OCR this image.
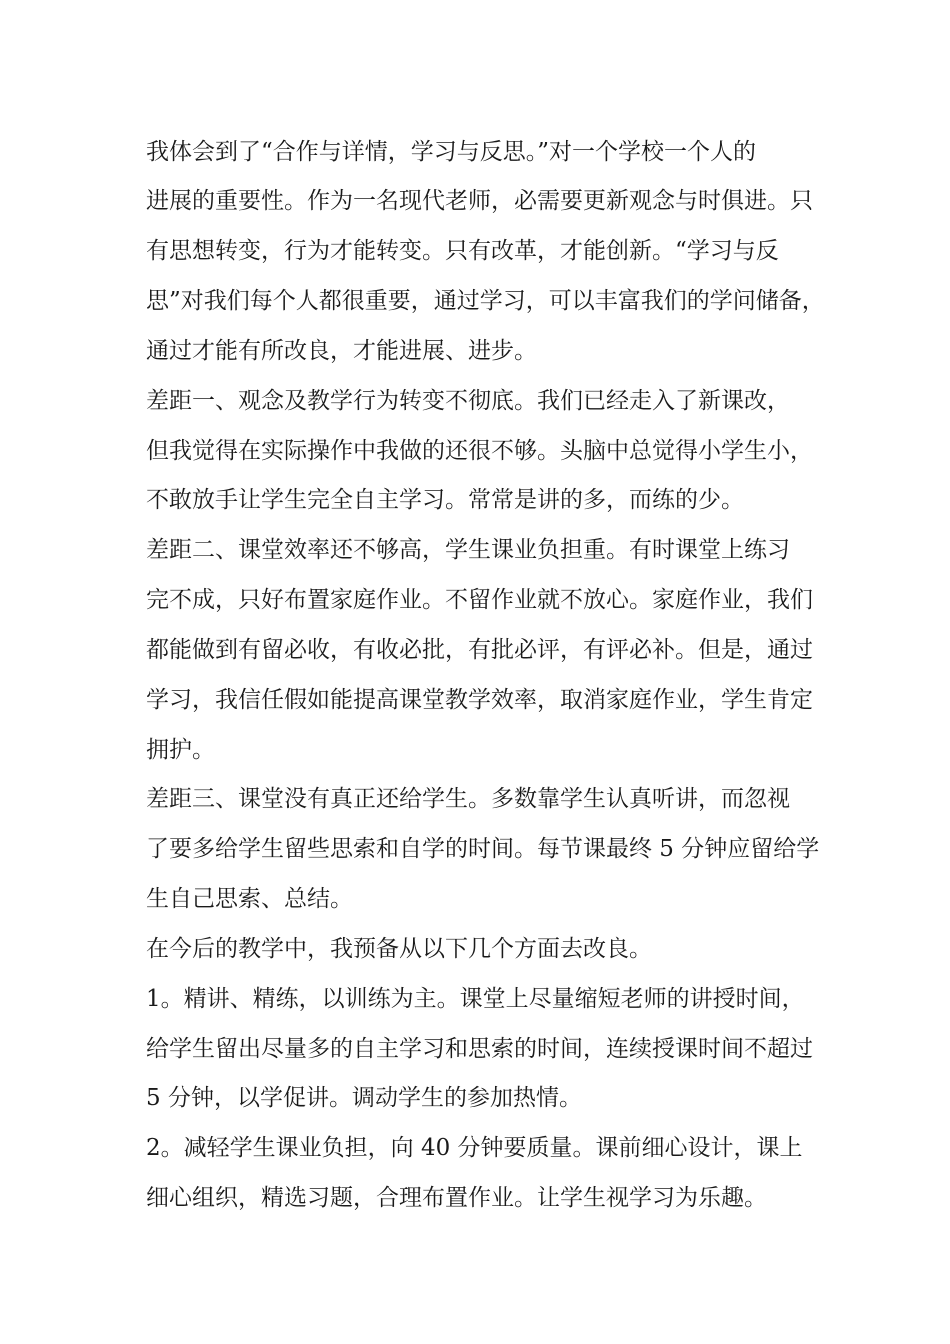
我体会到了“合作与详情，学习与反思。”对一个学校一个人的
进展的重要性。作为一名现代老师，必需要更新观念与时俱进。只
有思想转变，行为才能转变。只有改革，才能创新。“学习与反
思”对我们每个人都很重要，通过学习，可以丰富我们的学问储备，
通过才能有所改良，才能进展、进步。
差距一、观念及教学行为转变不彻底。我们已经走入了新课改，
但我觉得在实际操作中我做的还很不够。头脑中总觉得小学生小，
不敢放手让学生完全自主学习。常常是讲的多，而练的少。
差距二、课堂效率还不够高，学生课业负担重。有时课堂上练习
完不成，只好布置家庭作业。不留作业就不放心。家庭作业，我们
都能做到有留必收，有收必批，有批必评，有评必补。但是，通过
学习，我信任假如能提高课堂教学效率，取消家庭作业，学生肯定
拥护。
差距三、课堂没有真正还给学生。多数靠学生认真听讲，而忽视
了要多给学生留些思索和自学的时间。每节课最终 5 分钟应留给学
生自己思索、总结。
在今后的教学中，我预备从以下几个方面去改良。
1。精讲、精练，以训练为主。课堂上尽量缩短老师的讲授时间，
给学生留出尽量多的自主学习和思索的时间，连续授课时间不超过
5 分钟，以学促讲。调动学生的参加热情。
2。减轻学生课业负担，向 40 分钟要质量。课前细心设计，课上
细心组织，精选习题，合理布置作业。让学生视学习为乐趣。
